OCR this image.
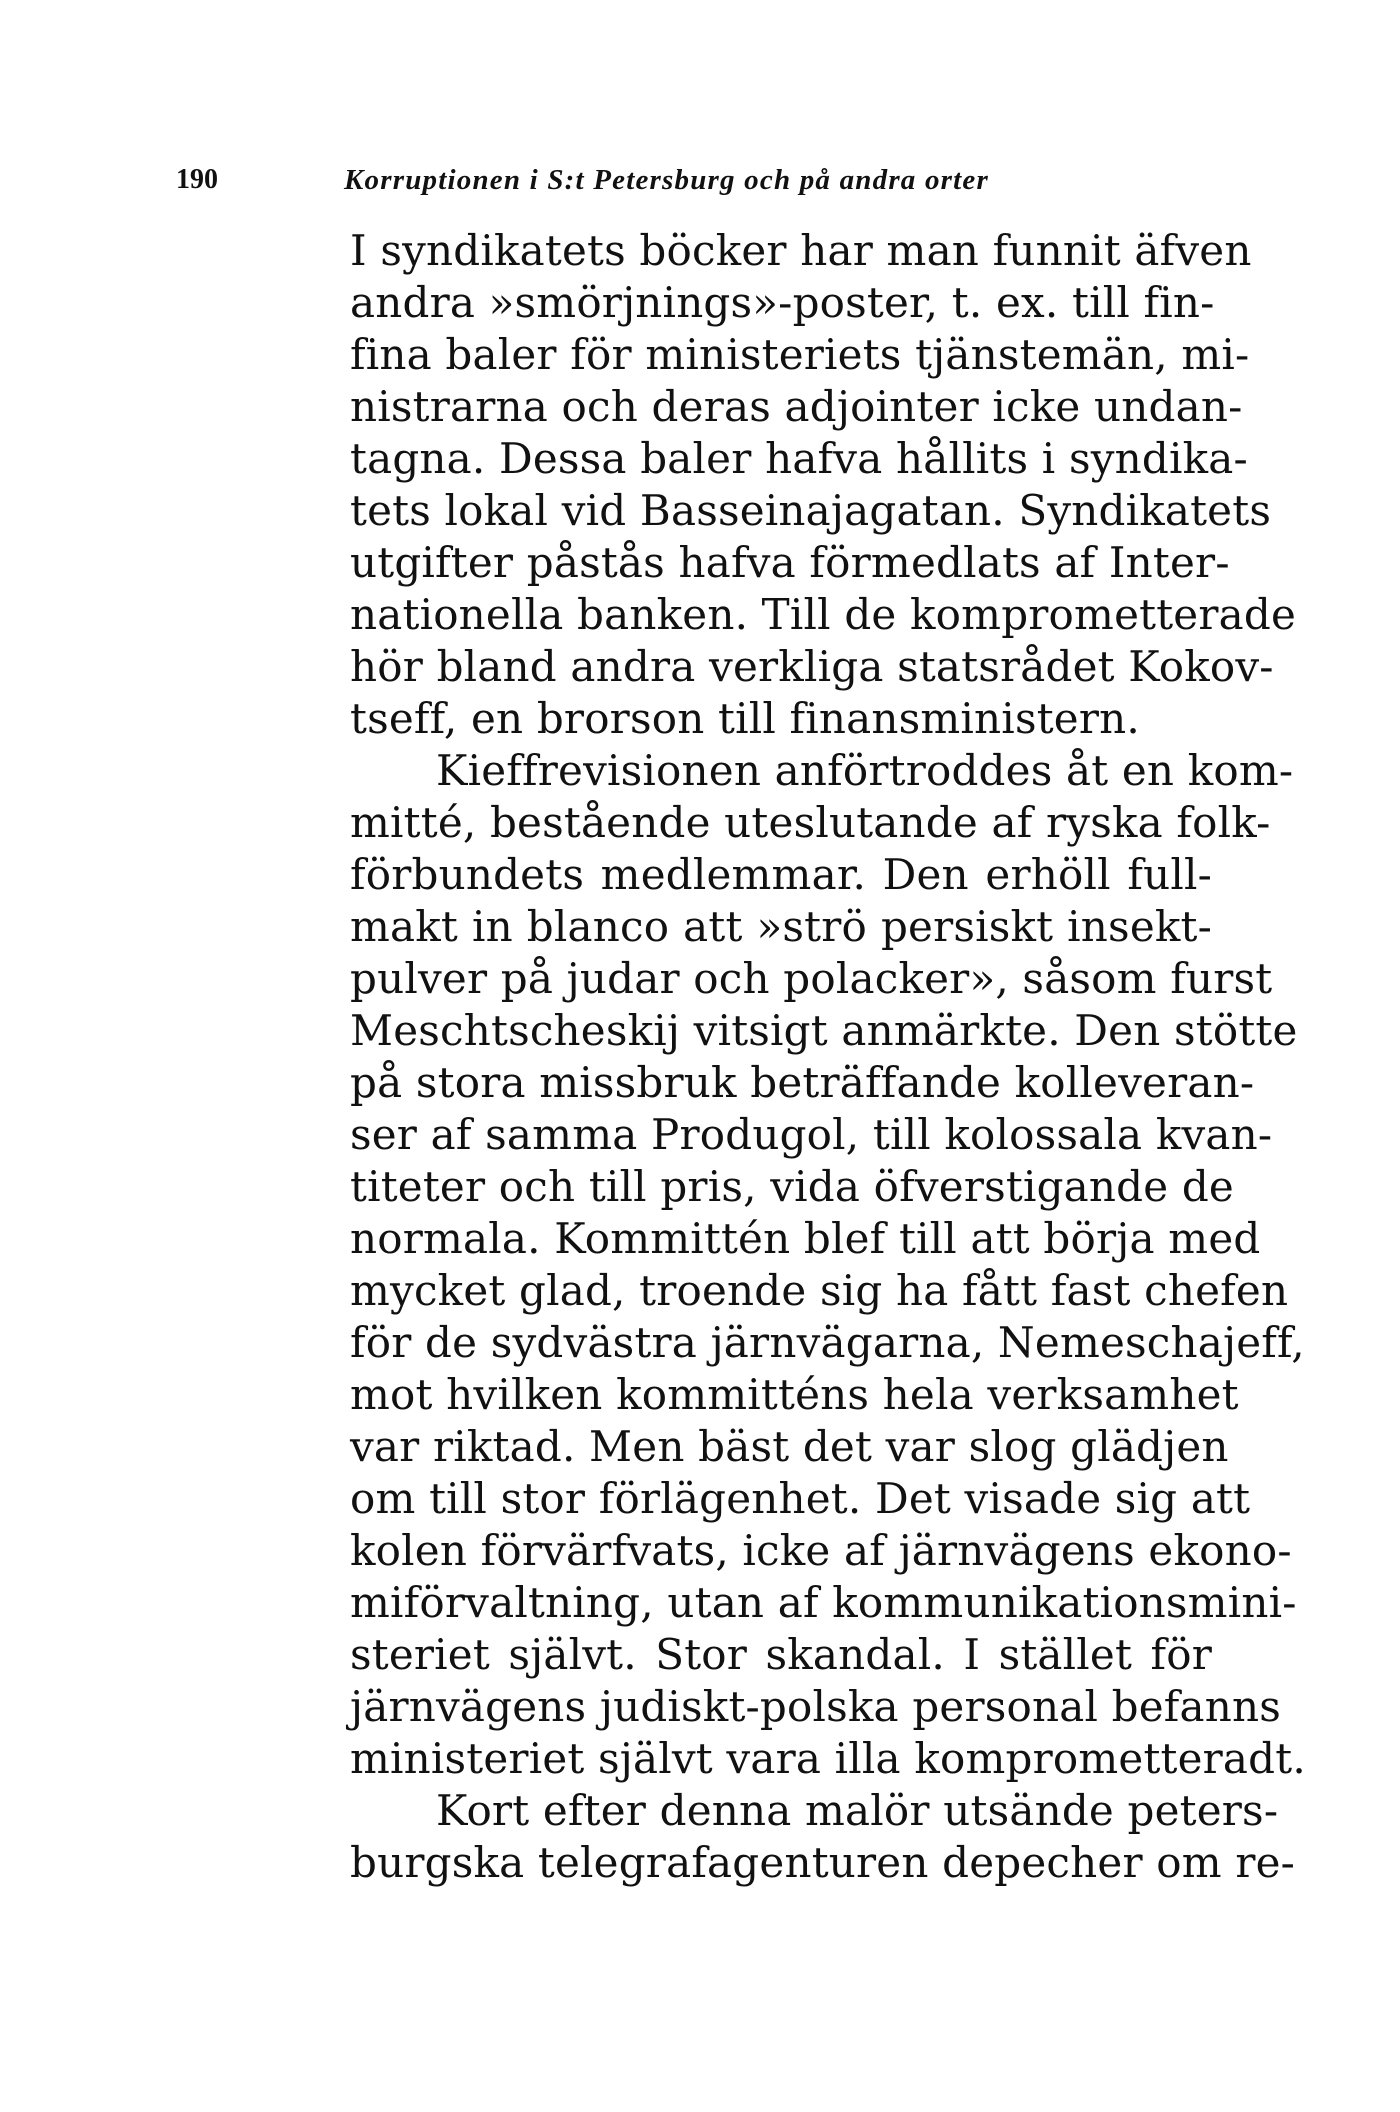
190	Korruptionen i S:t Petersburg och på andra orter
I syndikatets böcker har man funnit äfven
andra »smörjnings»-poster, t. ex. till fin-
fina baler för ministeriets tjänstemän, mi-
nistrarna och deras adjointer icke undan-
tagna. Dessa baler hafva hållits i syndika-
tets lokal vid Basseinajagatan. Syndikatets
utgifter påstås hafva förmedlats af Inter-
nationella banken. Till de komprometterade
hör bland andra verkliga statsrådet Kokov-
tseff, en brorson till finansministern.
Kieffrevisionen anförtroddes åt en kom-
mitté, bestående uteslutande af ryska folk-
förbundets medlemmar. Den erhöll full-
makt in blanco att »strö persiskt insekt-
pulver på judar och polacker», såsom furst
Meschtscheskij vitsigt anmärkte. Den stötte
på stora missbruk beträffande kolleveran-
ser af samma Produgol, till kolossala kvan-
titeter och till pris, vida öfverstigande de
normala. Kommittén blef till att börja med
mycket glad, troende sig ha fått fast chefen
för de sydvästra järnvägarna, Nemeschajeff,
mot hvilken kommitténs hela verksamhet
var riktad. Men bäst det var slog glädjen
om till stor förlägenhet. Det visade sig att
kolen förvärfvats, icke af järnvägens ekono-
miförvaltning, utan af kommunikationsmini-
steriet självt. Stor skandal. I stället för
järnvägens judiskt-polska personal befanns
ministeriet självt vara illa komprometteradt.
Kort efter denna malör utsände peters-
burgska telegrafagenturen depecher om re-
